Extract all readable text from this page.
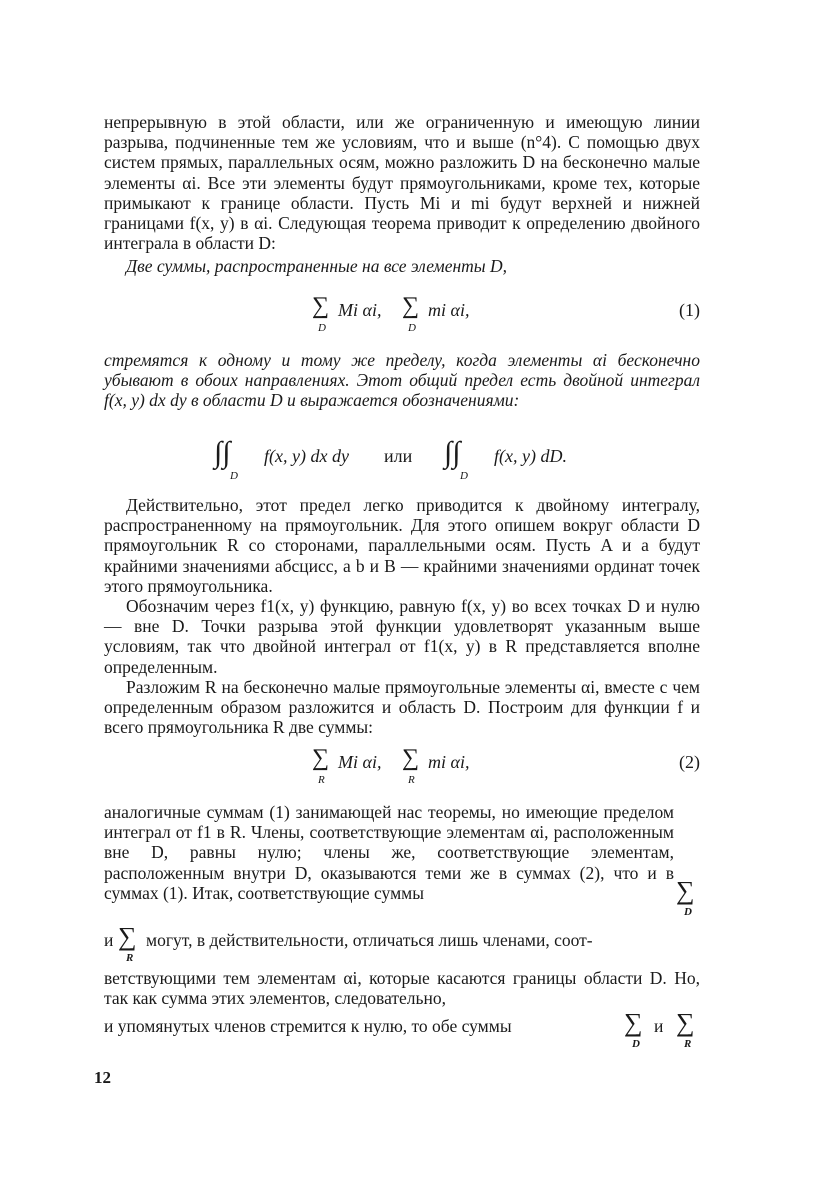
непрерывную в этой области, или же ограниченную и имеющую линии разрыва, подчиненные тем же условиям, что и выше (n°4). С помощью двух систем прямых, параллельных осям, можно разложить D на бесконечно малые элементы αi. Все эти элементы будут прямоугольниками, кроме тех, которые примыкают к границе области. Пусть Mi и mi будут верхней и нижней границами f(x, y) в αi. Следующая теорема приводит к определению двойного интеграла в области D:

Две суммы, распространенные на все элементы D,

∑ Mi αi,
D
∑ mi αi,
D
(1)

стремятся к одному и тому же пределу, когда элементы αi бесконечно убывают в обоих направлениях. Этот общий предел есть двойной интеграл f(x, y) dx dy в области D и выражается обозначениями:

∫∫
D
f(x, y) dx dy или ∫∫
D
f(x, y) dD.

Действительно, этот предел легко приводится к двойному интегралу, распространенному на прямоугольник. Для этого опишем вокруг области D прямоугольник R со сторонами, параллельными осям. Пусть A и a будут крайними значениями абсцисс, a b и B — крайними значениями ординат точек этого прямоугольника.

Обозначим через f1(x, y) функцию, равную f(x, y) во всех точках D и нулю — вне D. Точки разрыва этой функции удовлетворят указанным выше условиям, так что двойной интеграл от f1(x, y) в R представляется вполне определенным.

Разложим R на бесконечно малые прямоугольные элементы αi, вместе с чем определенным образом разложится и область D. Построим для функции f и всего прямоугольника R две суммы:

∑ Mi αi,
R
∑ mi αi,
R
(2)

аналогичные суммам (1) занимающей нас теоремы, но имеющие пределом интеграл от f1 в R. Члены, соответствующие элементам αi, расположенным вне D, равны нулю; члены же, соответствующие элементам, расположенным внутри D, оказываются теми же в суммах (2), что и в суммах (1). Итак, соответствующие суммы	∑
D
и ∑
R
могут, в действительности, отличаться лишь членами, соот-

ветствующими тем элементам αi, которые касаются границы области D. Но, так как сумма этих элементов, следовательно,

и упомянутых членов стремится к нулю, то обе суммы	∑
D
и ∑
R
12
